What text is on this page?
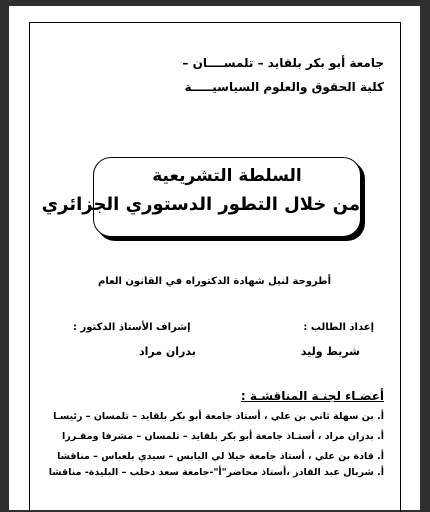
جامعة أبو بكر بلقايد – تلمســــان –
كلية الحقوق والعلوم السياسيـــــة
السلطة التشريعية
من خلال التطور الدستوري الجزائري
أطروحة لنيل شهادة الدكتوراه في القانون العام
إعداد الطالب :
شريط وليد
إشراف الأستاذ الدكتور :
بدران مراد
أعضـاء لجنـة المناقشـة :
أ. بن سهلة ثاني بن علي ، أستاذ جامعة أبو بكر بلقايد – تلمسان – رئيسـا
أ. بدران مراد ، أستـاذ جامعة أبو بكر بلقايد – تلمسان – مشرفا ومقـررا
أ. قادة بن علي ، أستاذ جامعة جيلا لي اليابس – سيدي بلعباس – مناقشا
أ. شربال عبد القادر ،أستاذ محاضر"أ"-جامعة سعد دحلب – البليدة- مناقشا
